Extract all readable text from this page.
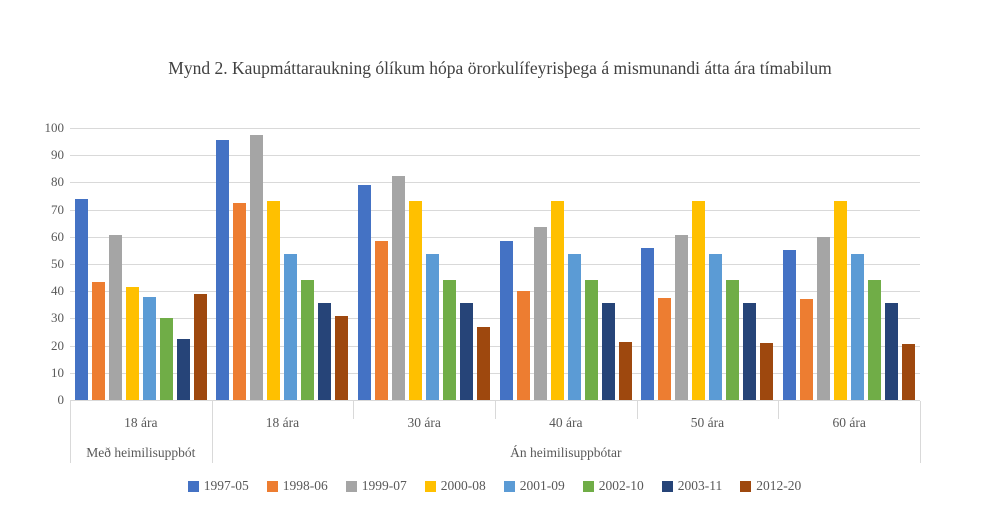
Mynd 2. Kaupmáttaraukning ólíkum hópa örorkulífeyrisþega á mismunandi átta ára tímabilum
0
10
20
30
40
50
60
70
80
90
100
18 ára	18 ára	30 ára	40 ára	50 ára	60 ára
Með heimilisuppbót	Án heimilisuppbótar
1997-05	1998-06	1999-07	2000-08	2001-09	2002-10	2003-11	2012-20
